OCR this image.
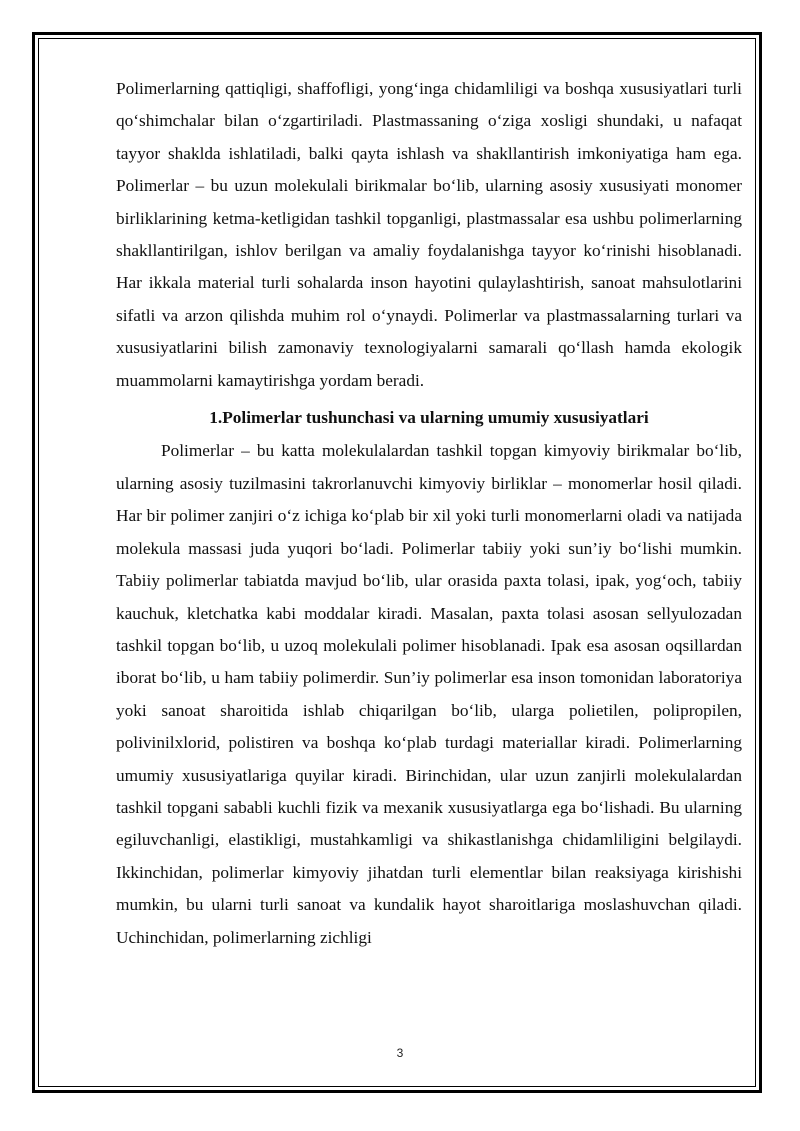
Polimerlarning qattiqligi, shaffofligi, yong‘inga chidamliligi va boshqa xususiyatlari turli qo‘shimchalar bilan o‘zgartiriladi. Plastmassaning o‘ziga xosligi shundaki, u nafaqat tayyor shaklda ishlatiladi, balki qayta ishlash va shakllantirish imkoniyatiga ham ega. Polimerlar – bu uzun molekulali birikmalar bo‘lib, ularning asosiy xususiyati monomer birliklarining ketma-ketligidan tashkil topganligi, plastmassalar esa ushbu polimerlarning shakllantirilgan, ishlov berilgan va amaliy foydalanishga tayyor ko‘rinishi hisoblanadi. Har ikkala material turli sohalarda inson hayotini qulaylashtirish, sanoat mahsulotlarini sifatli va arzon qilishda muhim rol o‘ynaydi. Polimerlar va plastmassalarning turlari va xususiyatlarini bilish zamonaviy texnologiyalarni samarali qo‘llash hamda ekologik muammolarni kamaytirishga yordam beradi.

1.Polimerlar tushunchasi va ularning umumiy xususiyatlari

Polimerlar – bu katta molekulalardan tashkil topgan kimyoviy birikmalar bo‘lib, ularning asosiy tuzilmasini takrorlanuvchi kimyoviy birliklar – monomerlar hosil qiladi. Har bir polimer zanjiri o‘z ichiga ko‘plab bir xil yoki turli monomerlarni oladi va natijada molekula massasi juda yuqori bo‘ladi. Polimerlar tabiiy yoki sun’iy bo‘lishi mumkin. Tabiiy polimerlar tabiatda mavjud bo‘lib, ular orasida paxta tolasi, ipak, yog‘och, tabiiy kauchuk, kletchatka kabi moddalar kiradi. Masalan, paxta tolasi asosan sellyulozadan tashkil topgan bo‘lib, u uzoq molekulali polimer hisoblanadi. Ipak esa asosan oqsillardan iborat bo‘lib, u ham tabiiy polimerdir. Sun’iy polimerlar esa inson tomonidan laboratoriya yoki sanoat sharoitida ishlab chiqarilgan bo‘lib, ularga polietilen, polipropilen, polivinilxlorid, polistiren va boshqa ko‘plab turdagi materiallar kiradi. Polimerlarning umumiy xususiyatlariga quyilar kiradi. Birinchidan, ular uzun zanjirli molekulalardan tashkil topgani sababli kuchli fizik va mexanik xususiyatlarga ega bo‘lishadi. Bu ularning egiluvchanligi, elastikligi, mustahkamligi va shikastlanishga chidamliligini belgilaydi. Ikkinchidan, polimerlar kimyoviy jihatdan turli elementlar bilan reaksiyaga kirishishi mumkin, bu ularni turli sanoat va kundalik hayot sharoitlariga moslashuvchan qiladi. Uchinchidan, polimerlarning zichligi

3
